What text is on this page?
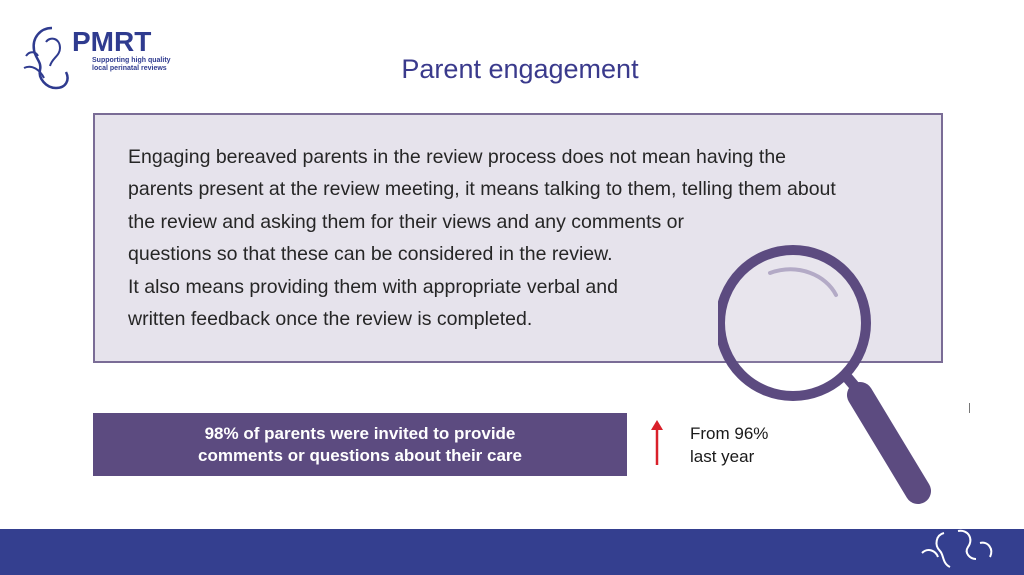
PMRT
Supporting high quality
local perinatal reviews	Parent engagement

Engaging bereaved parents in the review process does not mean having the
parents present at the review meeting, it means talking to them, telling them about
the review and asking them for their views and any comments or
questions so that these can be considered in the review.
It also means providing them with appropriate verbal and
written feedback once the review is completed.

98% of parents were invited to provide
comments or questions about their care
From 96%
last year
